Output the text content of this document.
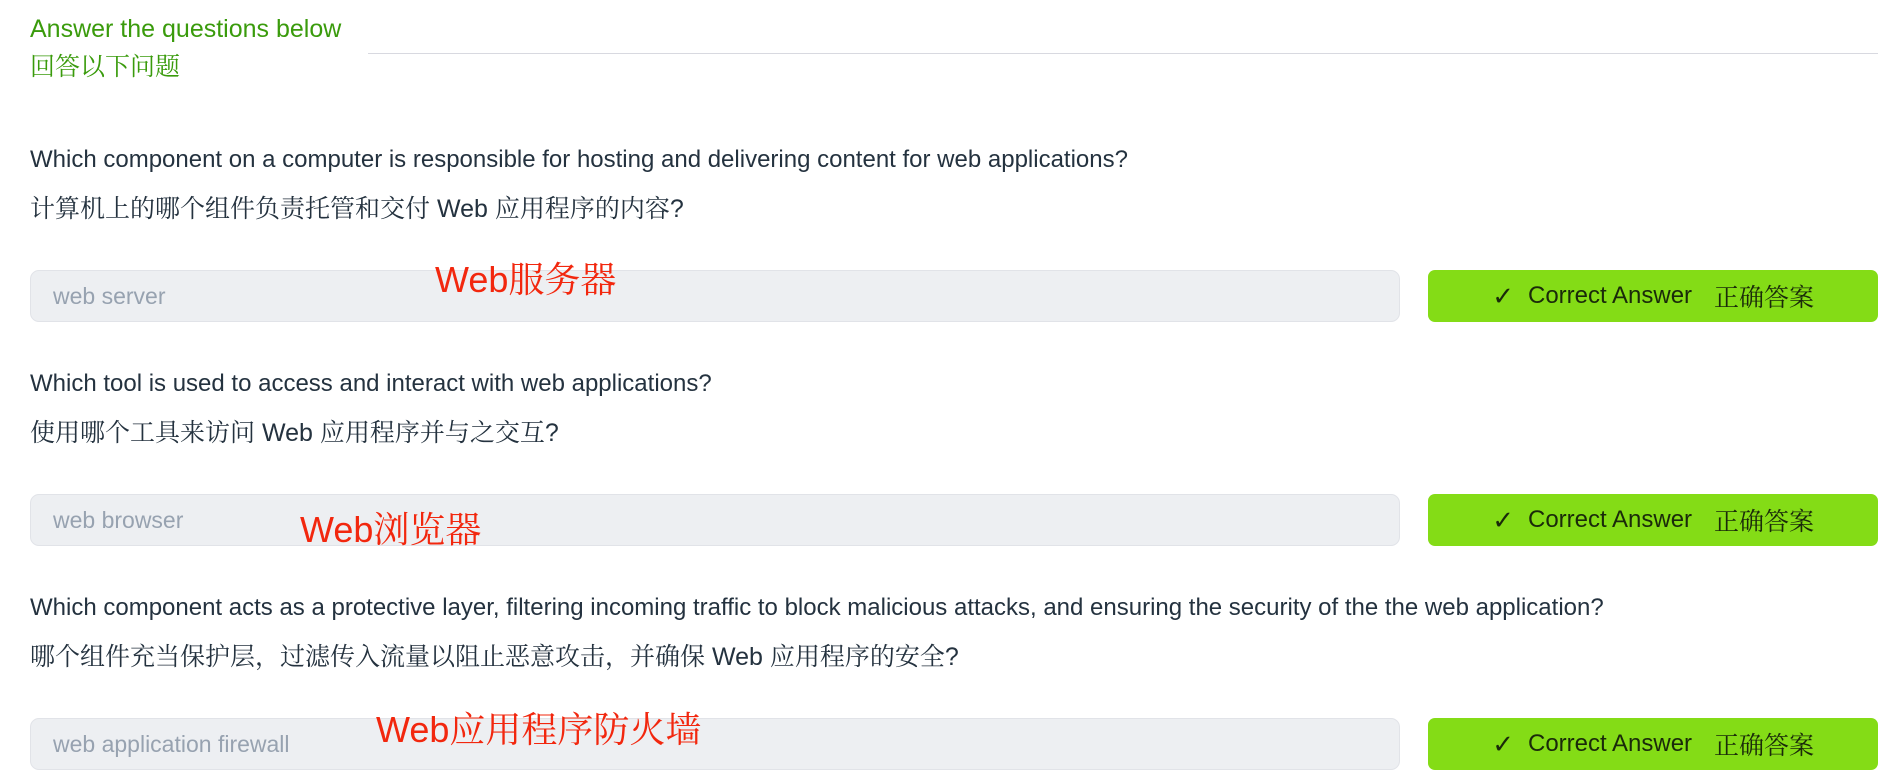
Answer the questions below

回答以下问题

Which component on a computer is responsible for hosting and delivering content for web applications?

计算机上的哪个组件负责托管和交付 Web 应用程序的内容?

web server
Web服务器	✓ Correct Answer 正确答案

Which tool is used to access and interact with web applications?

使用哪个工具来访问 Web 应用程序并与之交互?

web browser
Web浏览器	✓ Correct Answer 正确答案

Which component acts as a protective layer, filtering incoming traffic to block malicious attacks, and ensuring the security of the the web application?

哪个组件充当保护层，过滤传入流量以阻止恶意攻击，并确保 Web 应用程序的安全?

web application firewall
Web应用程序防火墙	✓ Correct Answer 正确答案
